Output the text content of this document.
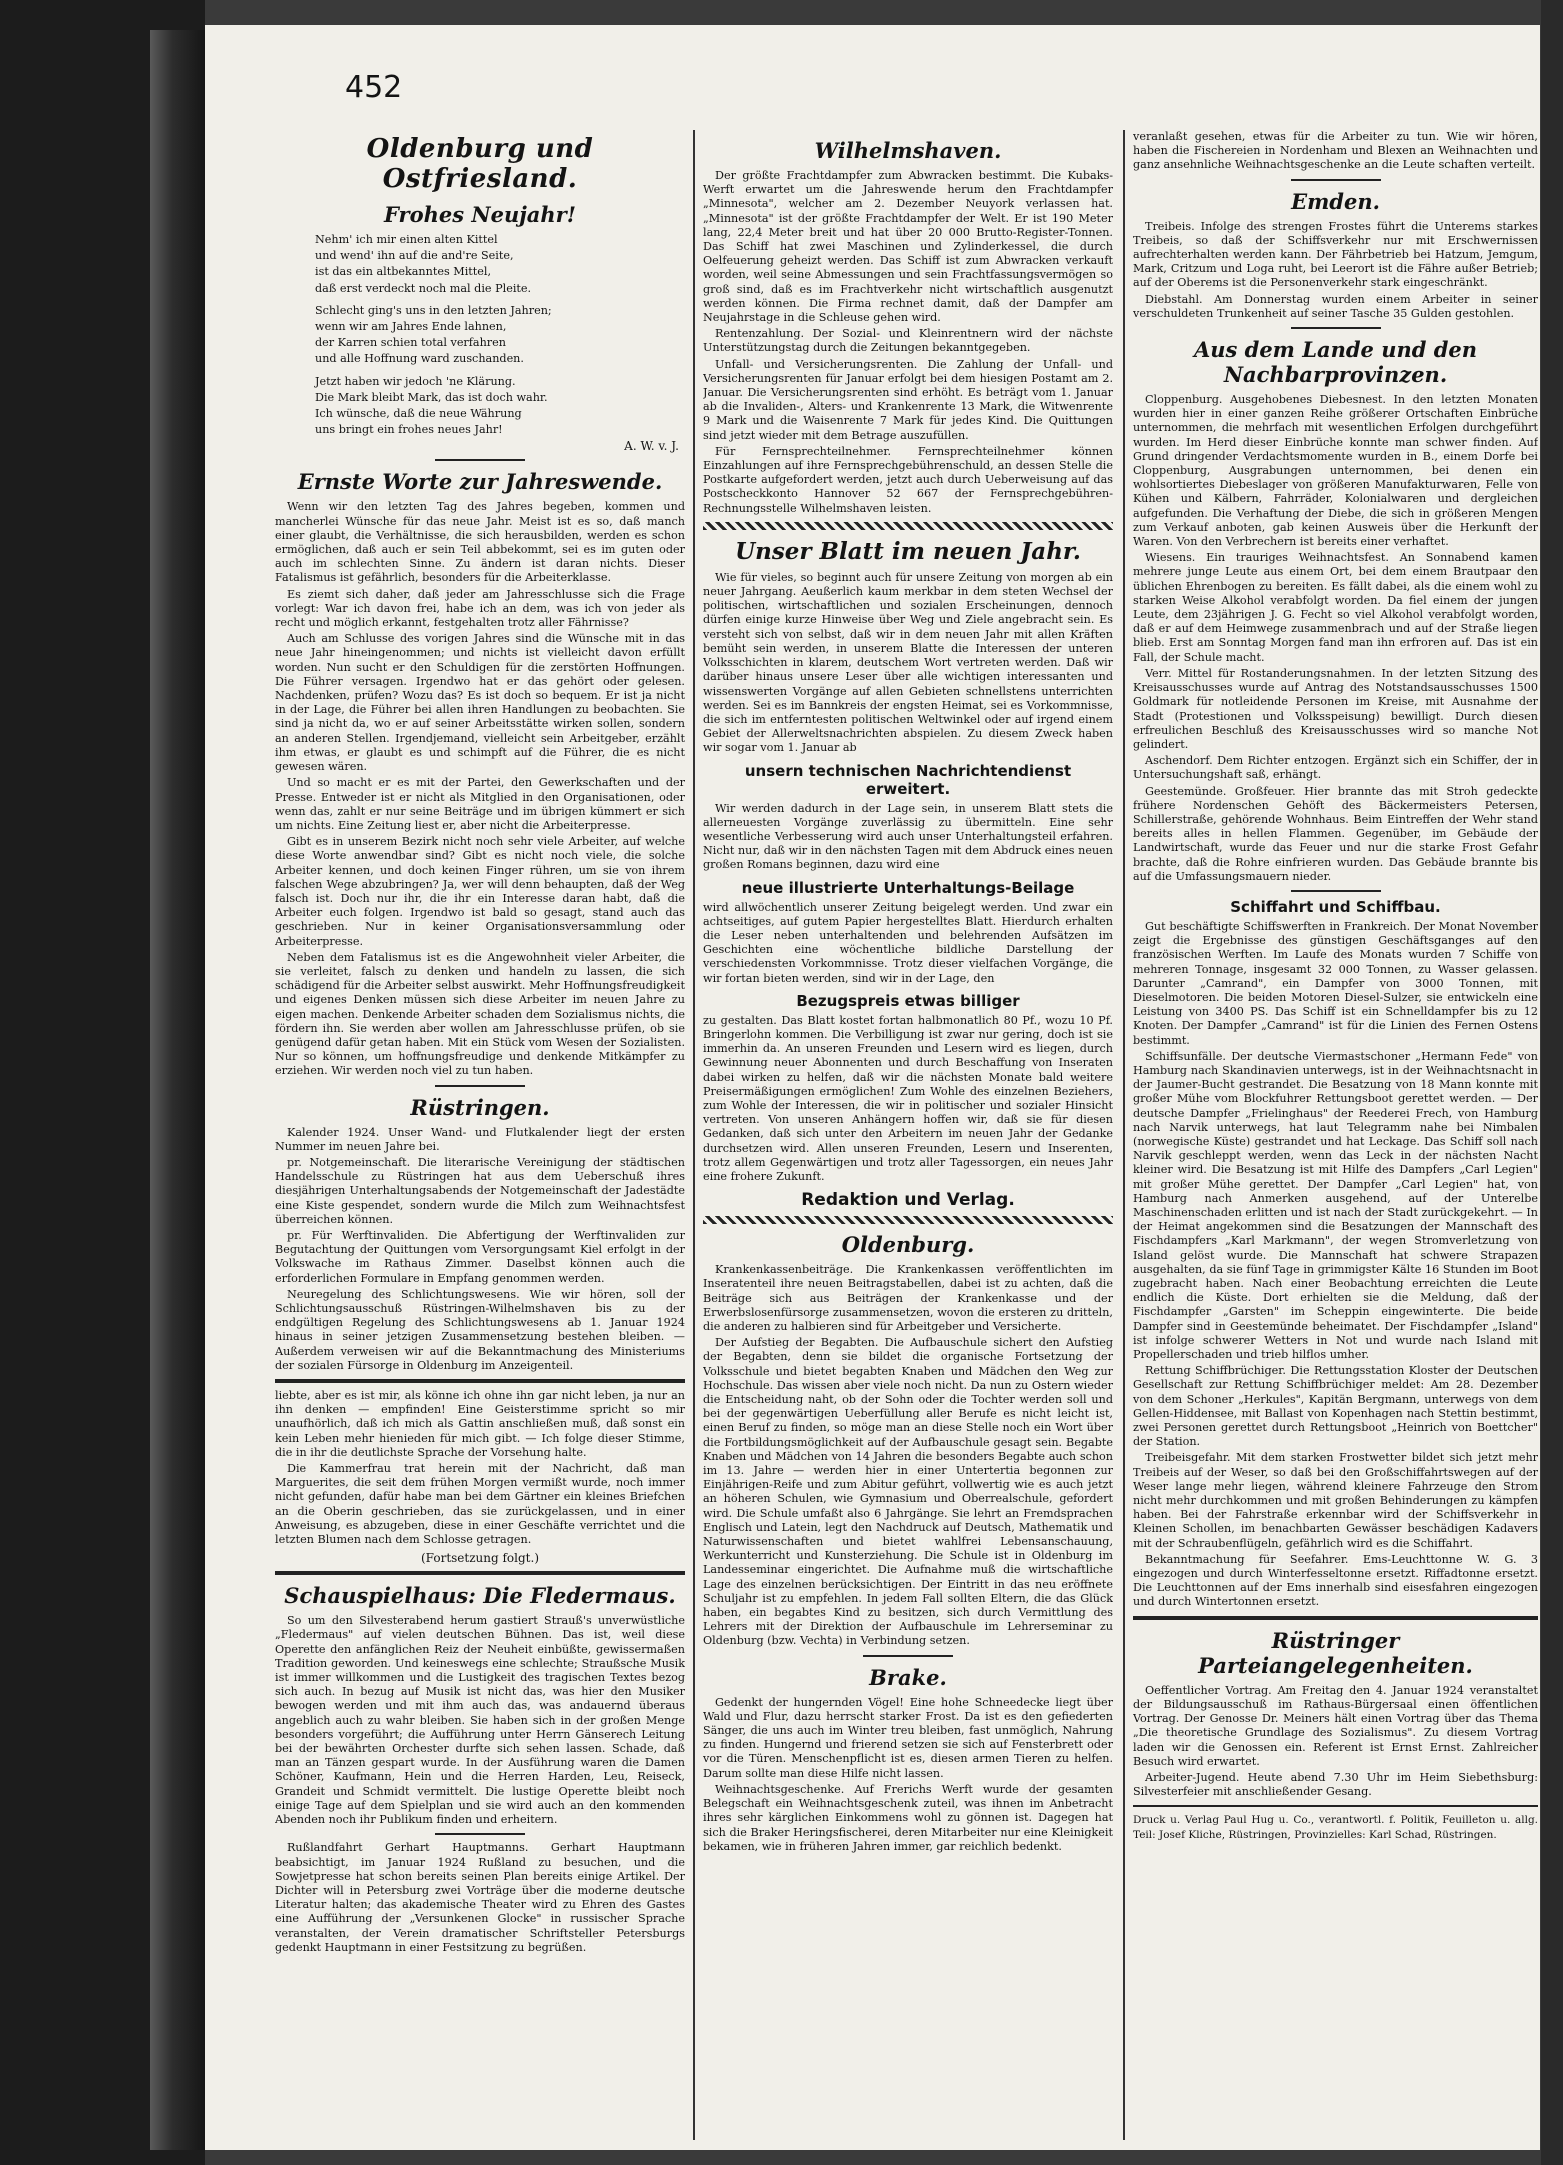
452
Oldenburg und Ostfriesland.
Frohes Neujahr!

Nehm' ich mir einen alten Kittel

und wend' ihn auf die and're Seite,

ist das ein altbekanntes Mittel,

daß erst verdeckt noch mal die Pleite.

Schlecht ging's uns in den letzten Jahren;

wenn wir am Jahres Ende lahnen,

der Karren schien total verfahren

und alle Hoffnung ward zuschanden.

Jetzt haben wir jedoch 'ne Klärung.

Die Mark bleibt Mark, das ist doch wahr.

Ich wünsche, daß die neue Währung

uns bringt ein frohes neues Jahr!

A. W. v. J.
Ernste Worte zur Jahreswende.

Wenn wir den letzten Tag des Jahres begeben, kommen und mancherlei Wünsche für das neue Jahr. Meist ist es so, daß manch einer glaubt, die Verhältnisse, die sich herausbilden, werden es schon ermöglichen, daß auch er sein Teil abbekommt, sei es im guten oder auch im schlechten Sinne. Zu ändern ist daran nichts. Dieser Fatalismus ist gefährlich, besonders für die Arbeiterklasse.

Es ziemt sich daher, daß jeder am Jahresschlusse sich die Frage vorlegt: War ich davon frei, habe ich an dem, was ich von jeder als recht und möglich erkannt, festgehalten trotz aller Fährnisse?

Auch am Schlusse des vorigen Jahres sind die Wünsche mit in das neue Jahr hineingenommen; und nichts ist vielleicht davon erfüllt worden. Nun sucht er den Schuldigen für die zerstörten Hoffnungen. Die Führer versagen. Irgendwo hat er das gehört oder gelesen. Nachdenken, prüfen? Wozu das? Es ist doch so bequem. Er ist ja nicht in der Lage, die Führer bei allen ihren Handlungen zu beobachten. Sie sind ja nicht da, wo er auf seiner Arbeitsstätte wirken sollen, sondern an anderen Stellen. Irgendjemand, vielleicht sein Arbeitgeber, erzählt ihm etwas, er glaubt es und schimpft auf die Führer, die es nicht gewesen wären.

Und so macht er es mit der Partei, den Gewerkschaften und der Presse. Entweder ist er nicht als Mitglied in den Organisationen, oder wenn das, zahlt er nur seine Beiträge und im übrigen kümmert er sich um nichts. Eine Zeitung liest er, aber nicht die Arbeiterpresse.

Gibt es in unserem Bezirk nicht noch sehr viele Arbeiter, auf welche diese Worte anwendbar sind? Gibt es nicht noch viele, die solche Arbeiter kennen, und doch keinen Finger rühren, um sie von ihrem falschen Wege abzubringen? Ja, wer will denn behaupten, daß der Weg falsch ist. Doch nur ihr, die ihr ein Interesse daran habt, daß die Arbeiter euch folgen. Irgendwo ist bald so gesagt, stand auch das geschrieben. Nur in keiner Organisationsversammlung oder Arbeiterpresse.

Neben dem Fatalismus ist es die Angewohnheit vieler Arbeiter, die sie verleitet, falsch zu denken und handeln zu lassen, die sich schädigend für die Arbeiter selbst auswirkt. Mehr Hoffnungsfreudigkeit und eigenes Denken müssen sich diese Arbeiter im neuen Jahre zu eigen machen. Denkende Arbeiter schaden dem Sozialismus nichts, die fördern ihn. Sie werden aber wollen am Jahresschlusse prüfen, ob sie genügend dafür getan haben. Mit ein Stück vom Wesen der Sozialisten. Nur so können, um hoffnungsfreudige und denkende Mitkämpfer zu erziehen. Wir werden noch viel zu tun haben.

Rüstringen.

Kalender 1924. Unser Wand- und Flutkalender liegt der ersten Nummer im neuen Jahre bei.

pr. Notgemeinschaft. Die literarische Vereinigung der städtischen Handelsschule zu Rüstringen hat aus dem Ueberschuß ihres diesjährigen Unterhaltungsabends der Notgemeinschaft der Jadestädte eine Kiste gespendet, sondern wurde die Milch zum Weihnachtsfest überreichen können.

pr. Für Werftinvaliden. Die Abfertigung der Werftinvaliden zur Begutachtung der Quittungen vom Versorgungsamt Kiel erfolgt in der Volkswache im Rathaus Zimmer. Daselbst können auch die erforderlichen Formulare in Empfang genommen werden.

Neuregelung des Schlichtungswesens. Wie wir hören, soll der Schlichtungsausschuß Rüstringen-Wilhelmshaven bis zu der endgültigen Regelung des Schlichtungswesens ab 1. Januar 1924 hinaus in seiner jetzigen Zusammensetzung bestehen bleiben. — Außerdem verweisen wir auf die Bekanntmachung des Ministeriums der sozialen Fürsorge in Oldenburg im Anzeigenteil.

liebte, aber es ist mir, als könne ich ohne ihn gar nicht leben, ja nur an ihn denken — empfinden! Eine Geisterstimme spricht so mir unaufhörlich, daß ich mich als Gattin anschließen muß, daß sonst ein kein Leben mehr hienieden für mich gibt. — Ich folge dieser Stimme, die in ihr die deutlichste Sprache der Vorsehung halte.

Die Kammerfrau trat herein mit der Nachricht, daß man Marguerites, die seit dem frühen Morgen vermißt wurde, noch immer nicht gefunden, dafür habe man bei dem Gärtner ein kleines Briefchen an die Oberin geschrieben, das sie zurückgelassen, und in einer Anweisung, es abzugeben, diese in einer Geschäfte verrichtet und die letzten Blumen nach dem Schlosse getragen.

(Fortsetzung folgt.)
Schauspielhaus: Die Fledermaus.

So um den Silvesterabend herum gastiert Strauß's unverwüstliche „Fledermaus" auf vielen deutschen Bühnen. Das ist, weil diese Operette den anfänglichen Reiz der Neuheit einbüßte, gewissermaßen Tradition geworden. Und keineswegs eine schlechte; Straußsche Musik ist immer willkommen und die Lustigkeit des tragischen Textes bezog sich auch. In bezug auf Musik ist nicht das, was hier den Musiker bewogen werden und mit ihm auch das, was andauernd überaus angeblich auch zu wahr bleiben. Sie haben sich in der großen Menge besonders vorgeführt; die Aufführung unter Herrn Gänserech Leitung bei der bewährten Orchester durfte sich sehen lassen. Schade, daß man an Tänzen gespart wurde. In der Ausführung waren die Damen Schöner, Kaufmann, Hein und die Herren Harden, Leu, Reiseck, Grandeit und Schmidt vermittelt. Die lustige Operette bleibt noch einige Tage auf dem Spielplan und sie wird auch an den kommenden Abenden noch ihr Publikum finden und erheitern.

Rußlandfahrt Gerhart Hauptmanns. Gerhart Hauptmann beabsichtigt, im Januar 1924 Rußland zu besuchen, und die Sowjetpresse hat schon bereits seinen Plan bereits einige Artikel. Der Dichter will in Petersburg zwei Vorträge über die moderne deutsche Literatur halten; das akademische Theater wird zu Ehren des Gastes eine Aufführung der „Versunkenen Glocke" in russischer Sprache veranstalten, der Verein dramatischer Schriftsteller Petersburgs gedenkt Hauptmann in einer Festsitzung zu begrüßen.

Wilhelmshaven.

Der größte Frachtdampfer zum Abwracken bestimmt. Die Kubaks-Werft erwartet um die Jahreswende herum den Frachtdampfer „Minnesota", welcher am 2. Dezember Neuyork verlassen hat. „Minnesota" ist der größte Frachtdampfer der Welt. Er ist 190 Meter lang, 22,4 Meter breit und hat über 20 000 Brutto-Register-Tonnen. Das Schiff hat zwei Maschinen und Zylinderkessel, die durch Oelfeuerung geheizt werden. Das Schiff ist zum Abwracken verkauft worden, weil seine Abmessungen und sein Frachtfassungsvermögen so groß sind, daß es im Frachtverkehr nicht wirtschaftlich ausgenutzt werden können. Die Firma rechnet damit, daß der Dampfer am Neujahrstage in die Schleuse gehen wird.

Rentenzahlung. Der Sozial- und Kleinrentnern wird der nächste Unterstützungstag durch die Zeitungen bekanntgegeben.

Unfall- und Versicherungsrenten. Die Zahlung der Unfall- und Versicherungsrenten für Januar erfolgt bei dem hiesigen Postamt am 2. Januar. Die Versicherungsrenten sind erhöht. Es beträgt vom 1. Januar ab die Invaliden-, Alters- und Krankenrente 13 Mark, die Witwenrente 9 Mark und die Waisenrente 7 Mark für jedes Kind. Die Quittungen sind jetzt wieder mit dem Betrage auszufüllen.

Für Fernsprechteilnehmer. Fernsprechteilnehmer können Einzahlungen auf ihre Fernsprechgebührenschuld, an dessen Stelle die Postkarte aufgefordert werden, jetzt auch durch Ueberweisung auf das Postscheckkonto Hannover 52 667 der Fernsprechgebühren-Rechnungsstelle Wilhelmshaven leisten.

Unser Blatt im neuen Jahr.

Wie für vieles, so beginnt auch für unsere Zeitung von morgen ab ein neuer Jahrgang. Aeußerlich kaum merkbar in dem steten Wechsel der politischen, wirtschaftlichen und sozialen Erscheinungen, dennoch dürfen einige kurze Hinweise über Weg und Ziele angebracht sein. Es versteht sich von selbst, daß wir in dem neuen Jahr mit allen Kräften bemüht sein werden, in unserem Blatte die Interessen der unteren Volksschichten in klarem, deutschem Wort vertreten werden. Daß wir darüber hinaus unsere Leser über alle wichtigen interessanten und wissenswerten Vorgänge auf allen Gebieten schnellstens unterrichten werden. Sei es im Bannkreis der engsten Heimat, sei es Vorkommnisse, die sich im entferntesten politischen Weltwinkel oder auf irgend einem Gebiet der Allerweltsnachrichten abspielen. Zu diesem Zweck haben wir sogar vom 1. Januar ab

unsern technischen Nachrichtendienst erweitert.

Wir werden dadurch in der Lage sein, in unserem Blatt stets die allerneuesten Vorgänge zuverlässig zu übermitteln. Eine sehr wesentliche Verbesserung wird auch unser Unterhaltungsteil erfahren. Nicht nur, daß wir in den nächsten Tagen mit dem Abdruck eines neuen großen Romans beginnen, dazu wird eine

neue illustrierte Unterhaltungs-Beilage

wird allwöchentlich unserer Zeitung beigelegt werden. Und zwar ein achtseitiges, auf gutem Papier hergestelltes Blatt. Hierdurch erhalten die Leser neben unterhaltenden und belehrenden Aufsätzen im Geschichten eine wöchentliche bildliche Darstellung der verschiedensten Vorkommnisse. Trotz dieser vielfachen Vorgänge, die wir fortan bieten werden, sind wir in der Lage, den

Bezugspreis etwas billiger

zu gestalten. Das Blatt kostet fortan halbmonatlich 80 Pf., wozu 10 Pf. Bringerlohn kommen. Die Verbilligung ist zwar nur gering, doch ist sie immerhin da. An unseren Freunden und Lesern wird es liegen, durch Gewinnung neuer Abonnenten und durch Beschaffung von Inseraten dabei wirken zu helfen, daß wir die nächsten Monate bald weitere Preisermäßigungen ermöglichen! Zum Wohle des einzelnen Beziehers, zum Wohle der Interessen, die wir in politischer und sozialer Hinsicht vertreten. Von unseren Anhängern hoffen wir, daß sie für diesen Gedanken, daß sich unter den Arbeitern im neuen Jahr der Gedanke durchsetzen wird. Allen unseren Freunden, Lesern und Inserenten, trotz allem Gegenwärtigen und trotz aller Tagessorgen, ein neues Jahr eine frohere Zukunft.

Redaktion und Verlag.
Oldenburg.

Krankenkassenbeiträge. Die Krankenkassen veröffentlichten im Inseratenteil ihre neuen Beitragstabellen, dabei ist zu achten, daß die Beiträge sich aus Beiträgen der Krankenkasse und der Erwerbslosenfürsorge zusammensetzen, wovon die ersteren zu dritteln, die anderen zu halbieren sind für Arbeitgeber und Versicherte.

Der Aufstieg der Begabten. Die Aufbauschule sichert den Aufstieg der Begabten, denn sie bildet die organische Fortsetzung der Volksschule und bietet begabten Knaben und Mädchen den Weg zur Hochschule. Das wissen aber viele noch nicht. Da nun zu Ostern wieder die Entscheidung naht, ob der Sohn oder die Tochter werden soll und bei der gegenwärtigen Ueberfüllung aller Berufe es nicht leicht ist, einen Beruf zu finden, so möge man an diese Stelle noch ein Wort über die Fortbildungsmöglichkeit auf der Aufbauschule gesagt sein. Begabte Knaben und Mädchen von 14 Jahren die besonders Begabte auch schon im 13. Jahre — werden hier in einer Untertertia begonnen zur Einjährigen-Reife und zum Abitur geführt, vollwertig wie es auch jetzt an höheren Schulen, wie Gymnasium und Oberrealschule, gefordert wird. Die Schule umfaßt also 6 Jahrgänge. Sie lehrt an Fremdsprachen Englisch und Latein, legt den Nachdruck auf Deutsch, Mathematik und Naturwissenschaften und bietet wahlfrei Lebensanschauung, Werkunterricht und Kunsterziehung. Die Schule ist in Oldenburg im Landesseminar eingerichtet. Die Aufnahme muß die wirtschaftliche Lage des einzelnen berücksichtigen. Der Eintritt in das neu eröffnete Schuljahr ist zu empfehlen. In jedem Fall sollten Eltern, die das Glück haben, ein begabtes Kind zu besitzen, sich durch Vermittlung des Lehrers mit der Direktion der Aufbauschule im Lehrerseminar zu Oldenburg (bzw. Vechta) in Verbindung setzen.

Brake.

Gedenkt der hungernden Vögel! Eine hohe Schneedecke liegt über Wald und Flur, dazu herrscht starker Frost. Da ist es den gefiederten Sänger, die uns auch im Winter treu bleiben, fast unmöglich, Nahrung zu finden. Hungernd und frierend setzen sie sich auf Fensterbrett oder vor die Türen. Menschenpflicht ist es, diesen armen Tieren zu helfen. Darum sollte man diese Hilfe nicht lassen.

Weihnachtsgeschenke. Auf Frerichs Werft wurde der gesamten Belegschaft ein Weihnachtsgeschenk zuteil, was ihnen im Anbetracht ihres sehr kärglichen Einkommens wohl zu gönnen ist. Dagegen hat sich die Braker Heringsfischerei, deren Mitarbeiter nur eine Kleinigkeit bekamen, wie in früheren Jahren immer, gar reichlich bedenkt.

veranlaßt gesehen, etwas für die Arbeiter zu tun. Wie wir hören, haben die Fischereien in Nordenham und Blexen an Weihnachten und ganz ansehnliche Weihnachtsgeschenke an die Leute schaften verteilt.

Emden.

Treibeis. Infolge des strengen Frostes führt die Unterems starkes Treibeis, so daß der Schiffsverkehr nur mit Erschwernissen aufrechterhalten werden kann. Der Fährbetrieb bei Hatzum, Jemgum, Mark, Critzum und Loga ruht, bei Leerort ist die Fähre außer Betrieb; auf der Oberems ist die Personenverkehr stark eingeschränkt.

Diebstahl. Am Donnerstag wurden einem Arbeiter in seiner verschuldeten Trunkenheit auf seiner Tasche 35 Gulden gestohlen.

Aus dem Lande und den Nachbarprovinzen.

Cloppenburg. Ausgehobenes Diebesnest. In den letzten Monaten wurden hier in einer ganzen Reihe größerer Ortschaften Einbrüche unternommen, die mehrfach mit wesentlichen Erfolgen durchgeführt wurden. Im Herd dieser Einbrüche konnte man schwer finden. Auf Grund dringender Verdachtsmomente wurden in B., einem Dorfe bei Cloppenburg, Ausgrabungen unternommen, bei denen ein wohlsortiertes Diebeslager von größeren Manufakturwaren, Felle von Kühen und Kälbern, Fahrräder, Kolonialwaren und dergleichen aufgefunden. Die Verhaftung der Diebe, die sich in größeren Mengen zum Verkauf anboten, gab keinen Ausweis über die Herkunft der Waren. Von den Verbrechern ist bereits einer verhaftet.

Wiesens. Ein trauriges Weihnachtsfest. An Sonnabend kamen mehrere junge Leute aus einem Ort, bei dem einem Brautpaar den üblichen Ehrenbogen zu bereiten. Es fällt dabei, als die einem wohl zu starken Weise Alkohol verabfolgt worden. Da fiel einem der jungen Leute, dem 23jährigen J. G. Fecht so viel Alkohol verabfolgt worden, daß er auf dem Heimwege zusammenbrach und auf der Straße liegen blieb. Erst am Sonntag Morgen fand man ihn erfroren auf. Das ist ein Fall, der Schule macht.

Verr. Mittel für Rostanderungsnahmen. In der letzten Sitzung des Kreisausschusses wurde auf Antrag des Notstandsausschusses 1500 Goldmark für notleidende Personen im Kreise, mit Ausnahme der Stadt (Protestionen und Volksspeisung) bewilligt. Durch diesen erfreulichen Beschluß des Kreisausschusses wird so manche Not gelindert.

Aschendorf. Dem Richter entzogen. Ergänzt sich ein Schiffer, der in Untersuchungshaft saß, erhängt.

Geestemünde. Großfeuer. Hier brannte das mit Stroh gedeckte frühere Nordenschen Gehöft des Bäckermeisters Petersen, Schillerstraße, gehörende Wohnhaus. Beim Eintreffen der Wehr stand bereits alles in hellen Flammen. Gegenüber, im Gebäude der Landwirtschaft, wurde das Feuer und nur die starke Frost Gefahr brachte, daß die Rohre einfrieren wurden. Das Gebäude brannte bis auf die Umfassungsmauern nieder.

Schiffahrt und Schiffbau.

Gut beschäftigte Schiffswerften in Frankreich. Der Monat November zeigt die Ergebnisse des günstigen Geschäftsganges auf den französischen Werften. Im Laufe des Monats wurden 7 Schiffe von mehreren Tonnage, insgesamt 32 000 Tonnen, zu Wasser gelassen. Darunter „Camrand", ein Dampfer von 3000 Tonnen, mit Dieselmotoren. Die beiden Motoren Diesel-Sulzer, sie entwickeln eine Leistung von 3400 PS. Das Schiff ist ein Schnelldampfer bis zu 12 Knoten. Der Dampfer „Camrand" ist für die Linien des Fernen Ostens bestimmt.

Schiffsunfälle. Der deutsche Viermastschoner „Hermann Fede" von Hamburg nach Skandinavien unterwegs, ist in der Weihnachtsnacht in der Jaumer-Bucht gestrandet. Die Besatzung von 18 Mann konnte mit großer Mühe vom Blockfuhrer Rettungsboot gerettet werden. — Der deutsche Dampfer „Frielinghaus" der Reederei Frech, von Hamburg nach Narvik unterwegs, hat laut Telegramm nahe bei Nimbalen (norwegische Küste) gestrandet und hat Leckage. Das Schiff soll nach Narvik geschleppt werden, wenn das Leck in der nächsten Nacht kleiner wird. Die Besatzung ist mit Hilfe des Dampfers „Carl Legien" mit großer Mühe gerettet. Der Dampfer „Carl Legien" hat, von Hamburg nach Anmerken ausgehend, auf der Unterelbe Maschinenschaden erlitten und ist nach der Stadt zurückgekehrt. — In der Heimat angekommen sind die Besatzungen der Mannschaft des Fischdampfers „Karl Markmann", der wegen Stromverletzung von Island gelöst wurde. Die Mannschaft hat schwere Strapazen ausgehalten, da sie fünf Tage in grimmigster Kälte 16 Stunden im Boot zugebracht haben. Nach einer Beobachtung erreichten die Leute endlich die Küste. Dort erhielten sie die Meldung, daß der Fischdampfer „Garsten" im Scheppin eingewinterte. Die beide Dampfer sind in Geestemünde beheimatet. Der Fischdampfer „Island" ist infolge schwerer Wetters in Not und wurde nach Island mit Propellerschaden und trieb hilflos umher.

Rettung Schiffbrüchiger. Die Rettungsstation Kloster der Deutschen Gesellschaft zur Rettung Schiffbrüchiger meldet: Am 28. Dezember von dem Schoner „Herkules", Kapitän Bergmann, unterwegs von dem Gellen-Hiddensee, mit Ballast von Kopenhagen nach Stettin bestimmt, zwei Personen gerettet durch Rettungsboot „Heinrich von Boettcher" der Station.

Treibeisgefahr. Mit dem starken Frostwetter bildet sich jetzt mehr Treibeis auf der Weser, so daß bei den Großschiffahrtswegen auf der Weser lange mehr liegen, während kleinere Fahrzeuge den Strom nicht mehr durchkommen und mit großen Behinderungen zu kämpfen haben. Bei der Fahrstraße erkennbar wird der Schiffsverkehr in Kleinen Schollen, im benachbarten Gewässer beschädigen Kadavers mit der Schraubenflügeln, gefährlich wird es die Schiffahrt.

Bekanntmachung für Seefahrer. Ems-Leuchttonne W. G. 3 eingezogen und durch Winterfesseltonne ersetzt. Riffadtonne ersetzt. Die Leuchttonnen auf der Ems innerhalb sind eisesfahren eingezogen und durch Wintertonnen ersetzt.

Rüstringer Parteiangelegenheiten.

Oeffentlicher Vortrag. Am Freitag den 4. Januar 1924 veranstaltet der Bildungsausschuß im Rathaus-Bürgersaal einen öffentlichen Vortrag. Der Genosse Dr. Meiners hält einen Vortrag über das Thema „Die theoretische Grundlage des Sozialismus". Zu diesem Vortrag laden wir die Genossen ein. Referent ist Ernst Ernst. Zahlreicher Besuch wird erwartet.

Arbeiter-Jugend. Heute abend 7.30 Uhr im Heim Siebethsburg: Silvesterfeier mit anschließender Gesang.

Druck u. Verlag Paul Hug u. Co., verantwortl. f. Politik, Feuilleton u. allg. Teil: Josef Kliche, Rüstringen, Provinzielles: Karl Schad, Rüstringen.
